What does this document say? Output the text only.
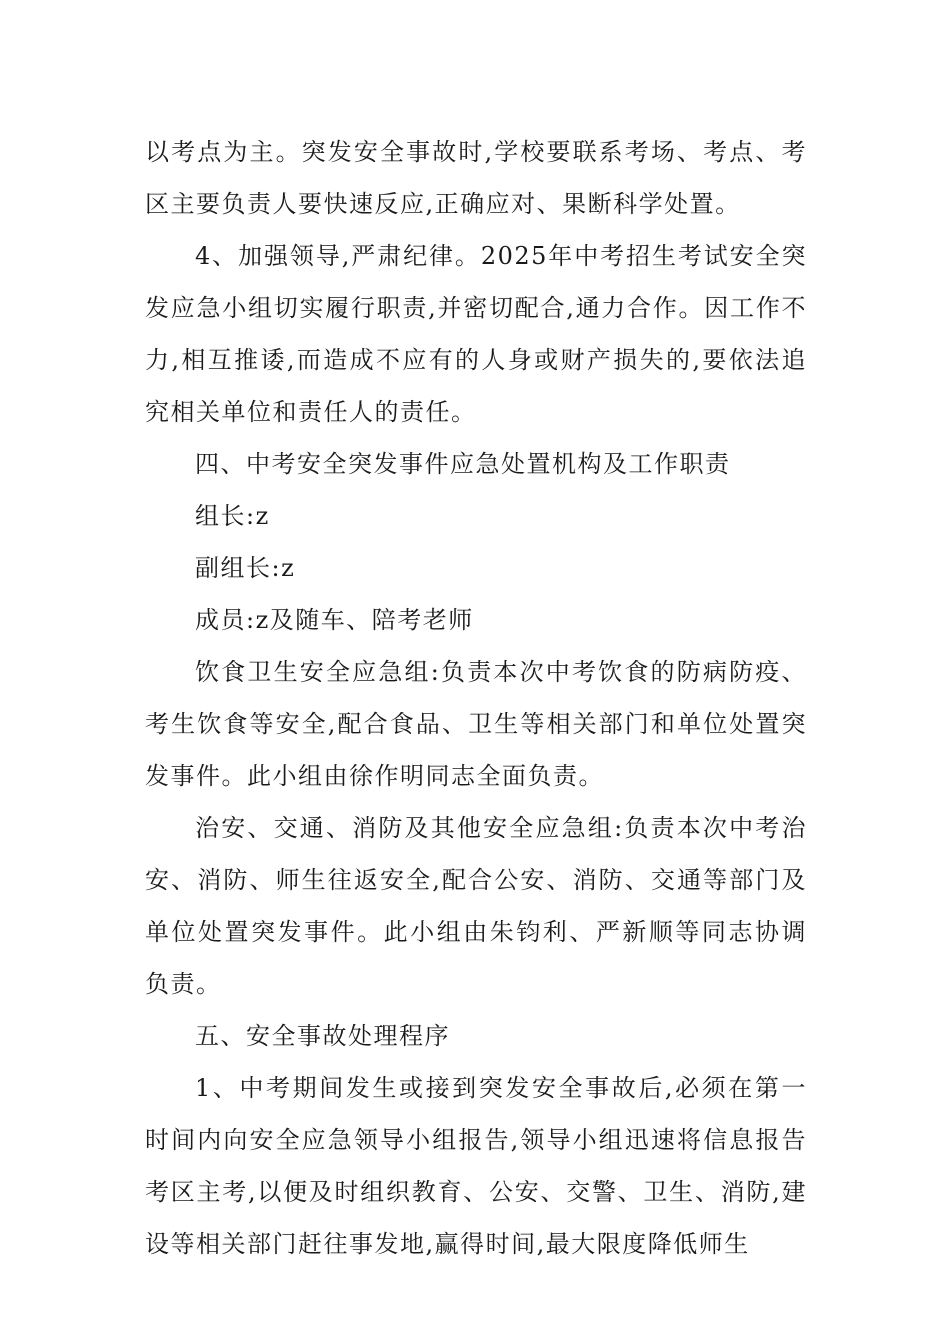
以考点为主。突发安全事故时,学校要联系考场、考点、考区主要负责人要快速反应,正确应对、果断科学处置。

4、加强领导,严肃纪律。2025年中考招生考试安全突发应急小组切实履行职责,并密切配合,通力合作。因工作不力,相互推诿,而造成不应有的人身或财产损失的,要依法追究相关单位和责任人的责任。

四、中考安全突发事件应急处置机构及工作职责

组长:z

副组长:z

成员:z及随车、陪考老师

饮食卫生安全应急组:负责本次中考饮食的防病防疫、考生饮食等安全,配合食品、卫生等相关部门和单位处置突发事件。此小组由徐作明同志全面负责。

治安、交通、消防及其他安全应急组:负责本次中考治安、消防、师生往返安全,配合公安、消防、交通等部门及单位处置突发事件。此小组由朱钧利、严新顺等同志协调负责。

五、安全事故处理程序

1、中考期间发生或接到突发安全事故后,必须在第一时间内向安全应急领导小组报告,领导小组迅速将信息报告考区主考,以便及时组织教育、公安、交警、卫生、消防,建设等相关部门赶往事发地,赢得时间,最大限度降低师生
